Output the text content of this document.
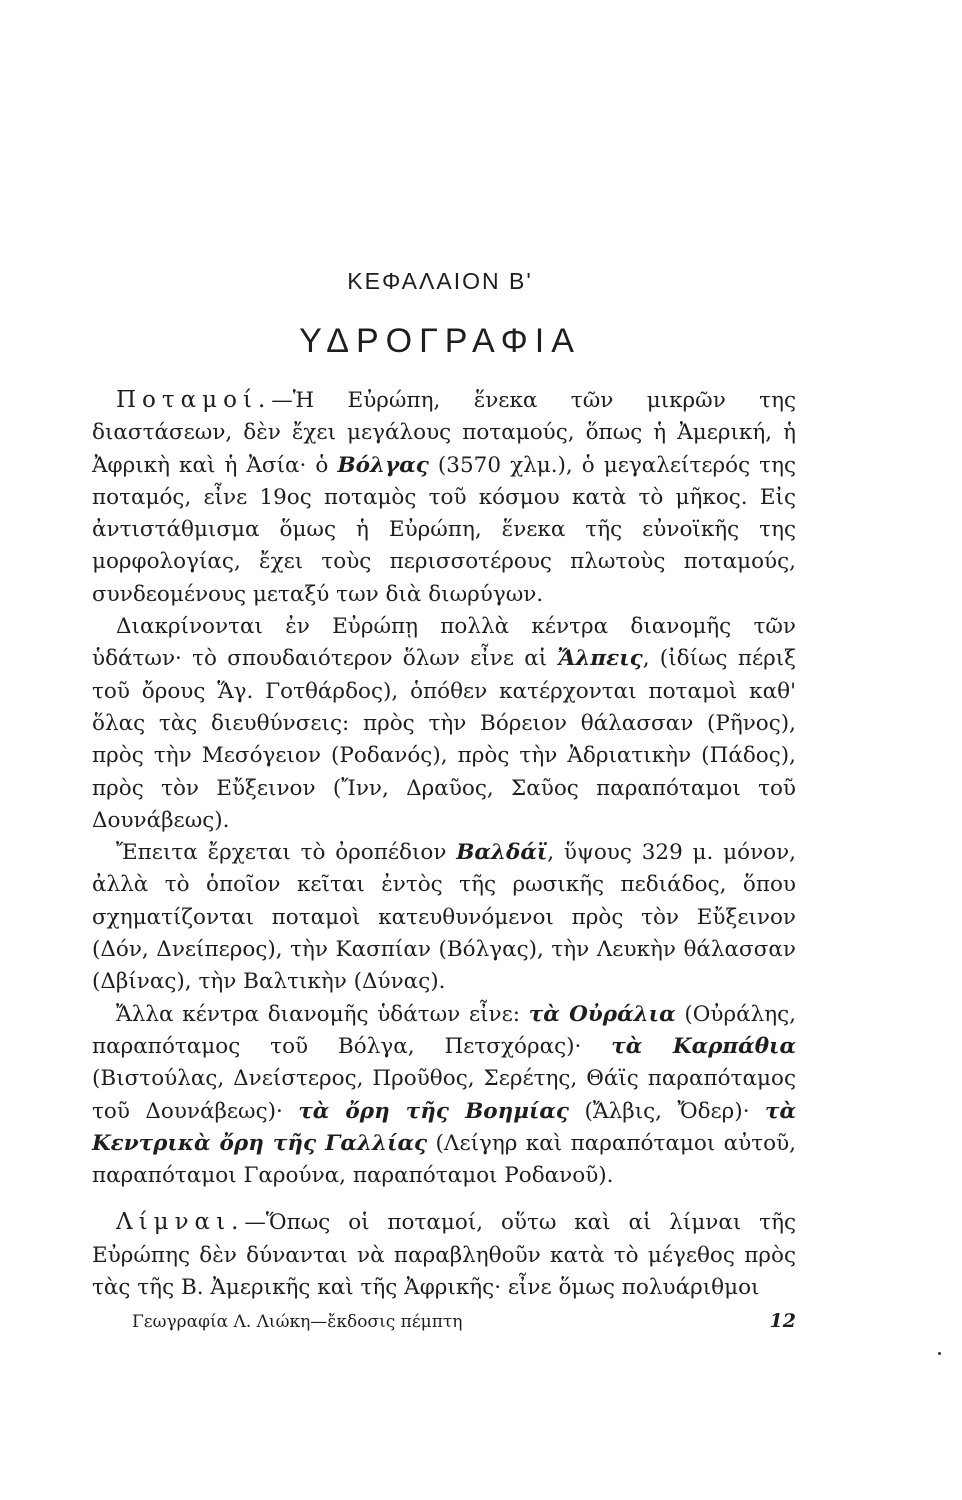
ΚΕΦΑΛΑΙΟΝ Β'
ΥΔΡΟΓΡΑΦΙΑ

Ποταμοί.—Ἡ Εὐρώπη, ἕνεκα τῶν μικρῶν της διαστάσεων, δὲν ἔχει μεγάλους ποταμούς, ὅπως ἡ Ἀμερική, ἡ Ἀφρικὴ καὶ ἡ Ἀσία· ὁ Βόλγας (3570 χλμ.), ὁ μεγαλείτερός της ποταμός, εἶνε 19ος ποταμὸς τοῦ κόσμου κατὰ τὸ μῆκος. Εἰς ἀντιστάθμισμα ὅμως ἡ Εὐρώπη, ἕνεκα τῆς εὐνοϊκῆς της μορφολογίας, ἔχει τοὺς περισσοτέρους πλωτοὺς ποταμούς, συνδεομένους μεταξύ των διὰ διωρύγων.

Διακρίνονται ἐν Εὐρώπῃ πολλὰ κέντρα διανομῆς τῶν ὑδάτων· τὸ σπουδαιότερον ὅλων εἶνε αἱ Ἄλπεις, (ἰδίως πέριξ τοῦ ὄρους Ἅγ. Γοτθάρδος), ὁπόθεν κατέρχονται ποταμοὶ καθ' ὅλας τὰς διευθύνσεις: πρὸς τὴν Βόρειον θάλασσαν (Ρῆνος), πρὸς τὴν Μεσόγειον (Ροδανός), πρὸς τὴν Ἀδριατικὴν (Πάδος), πρὸς τὸν Εὔξεινον (Ἴνν, Δραῦος, Σαῦος παραπόταμοι τοῦ Δουνάβεως).

Ἔπειτα ἔρχεται τὸ ὀροπέδιον Βαλδάϊ, ὕψους 329 μ. μόνον, ἀλλὰ τὸ ὁποῖον κεῖται ἐντὸς τῆς ρωσικῆς πεδιάδος, ὅπου σχηματίζονται ποταμοὶ κατευθυνόμενοι πρὸς τὸν Εὔξεινον (Δόν, Δνείπερος), τὴν Κασπίαν (Βόλγας), τὴν Λευκὴν θάλασσαν (Δβίνας), τὴν Βαλτικὴν (Δύνας).

Ἄλλα κέντρα διανομῆς ὑδάτων εἶνε: τὰ Οὐράλια (Οὐράλης, παραπόταμος τοῦ Βόλγα, Πετσχόρας)· τὰ Καρπάθια (Βιστούλας, Δνείστερος, Προῦθος, Σερέτης, Θάϊς παραπόταμος τοῦ Δουνάβεως)· τὰ ὄρη τῆς Βοημίας (Ἄλβις, Ὄδερ)· τὰ Κεντρικὰ ὄρη τῆς Γαλλίας (Λείγηρ καὶ παραπόταμοι αὐτοῦ, παραπόταμοι Γαρούνα, παραπόταμοι Ροδανοῦ).

Λίμναι.—Ὅπως οἱ ποταμοί, οὕτω καὶ αἱ λίμναι τῆς Εὐρώπης δὲν δύνανται νὰ παραβληθοῦν κατὰ τὸ μέγεθος πρὸς τὰς τῆς Β. Ἀμερικῆς καὶ τῆς Ἀφρικῆς· εἶνε ὅμως πολυάριθμοι

Γεωγραφία Λ. Λιώκη—ἔκδοσις πέμπτη	12
